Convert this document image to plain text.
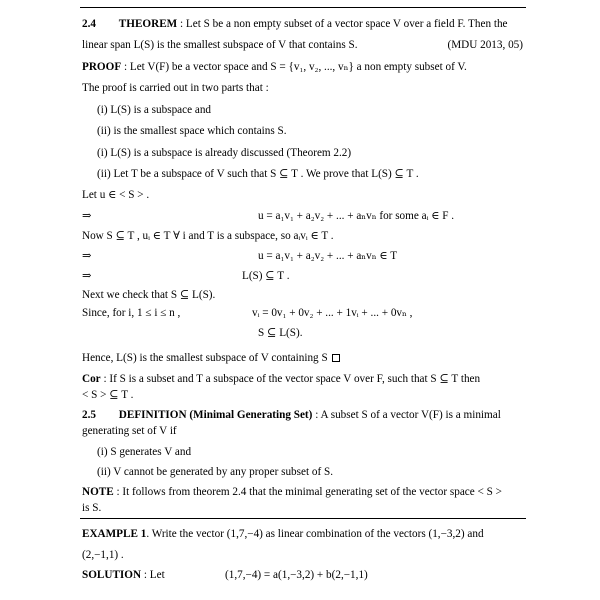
2.4 THEOREM : Let S be a non empty subset of a vector space V over a field F. Then the
linear span L(S) is the smallest subspace of V that contains S.	(MDU 2013, 05)
PROOF : Let V(F) be a vector space and S = {v₁, v₂, ..., vₙ} a non empty subset of V.
The proof is carried out in two parts that :
(i) L(S) is a subspace and
(ii) is the smallest space which contains S.
(i) L(S) is a subspace is already discussed (Theorem 2.2)
(ii) Let T be a subspace of V such that S ⊆ T . We prove that L(S) ⊆ T .
Let u ∈ < S > .
⇒	u = a₁v₁ + a₂v₂ + ... + aₙvₙ for some aᵢ ∈ F .
Now S ⊆ T , uᵢ ∈ T ∀ i and T is a subspace, so aᵢvᵢ ∈ T .
⇒	u = a₁v₁ + a₂v₂ + ... + aₙvₙ ∈ T
⇒	L(S) ⊆ T .
Next we check that S ⊆ L(S).
Since, for i, 1 ≤ i ≤ n ,	vᵢ = 0v₁ + 0v₂ + ... + 1vᵢ + ... + 0vₙ ,
S ⊆ L(S).
Hence, L(S) is the smallest subspace of V containing S
Cor : If S is a subset and T a subspace of the vector space V over F, such that S ⊆ T then
< S > ⊆ T .
2.5 DEFINITION (Minimal Generating Set) : A subset S of a vector V(F) is a minimal
generating set of V if
(i) S generates V and
(ii) V cannot be generated by any proper subset of S.
NOTE : It follows from theorem 2.4 that the minimal generating set of the vector space < S >
is S.
EXAMPLE 1. Write the vector (1,7,−4) as linear combination of the vectors (1,−3,2) and
(2,−1,1) .
SOLUTION : Let	(1,7,−4) = a(1,−3,2) + b(2,−1,1)
